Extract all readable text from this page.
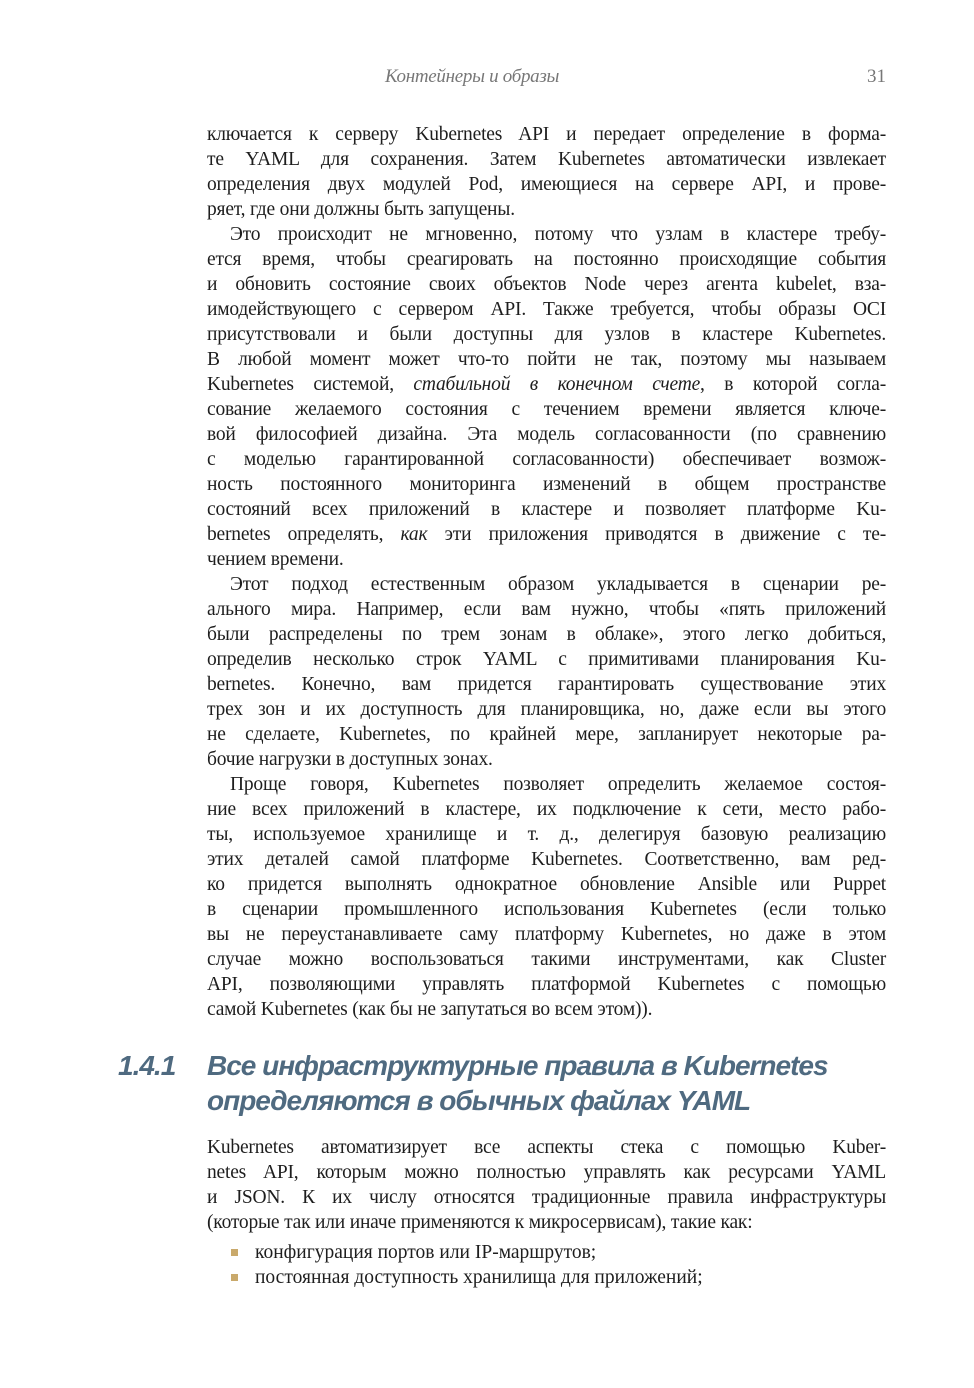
Контейнеры и образы	31
ключается к серверу Kubernetes API и передает определение в форма-
те YAML для сохранения. Затем Kubernetes автоматически извлекает
определения двух модулей Pod, имеющиеся на сервере API, и прове-
ряет, где они должны быть запущены.
Это происходит не мгновенно, потому что узлам в кластере требу-
ется время, чтобы среагировать на постоянно происходящие события
и обновить состояние своих объектов Node через агента kubelet, вза-
имодействующего с сервером API. Также требуется, чтобы образы OCI
присутствовали и были доступны для узлов в кластере Kubernetes.
В любой момент может что-то пойти не так, поэтому мы называем
Kubernetes системой, стабильной в конечном счете, в которой согла-
сование желаемого состояния с течением времени является ключе-
вой философией дизайна. Эта модель согласованности (по сравнению
с моделью гарантированной согласованности) обеспечивает возмож-
ность постоянного мониторинга изменений в общем пространстве
состояний всех приложений в кластере и позволяет платформе Ku-
bernetes определять, как эти приложения приводятся в движение с те-
чением времени.
Этот подход естественным образом укладывается в сценарии ре-
ального мира. Например, если вам нужно, чтобы «пять приложений
были распределены по трем зонам в облаке», этого легко добиться,
определив несколько строк YAML с примитивами планирования Ku-
bernetes. Конечно, вам придется гарантировать существование этих
трех зон и их доступность для планировщика, но, даже если вы этого
не сделаете, Kubernetes, по крайней мере, запланирует некоторые ра-
бочие нагрузки в доступных зонах.
Проще говоря, Kubernetes позволяет определить желаемое состоя-
ние всех приложений в кластере, их подключение к сети, место рабо-
ты, используемое хранилище и т. д., делегируя базовую реализацию
этих деталей самой платформе Kubernetes. Соответственно, вам ред-
ко придется выполнять однократное обновление Ansible или Puppet
в сценарии промышленного использования Kubernetes (если только
вы не переустанавливаете саму платформу Kubernetes, но даже в этом
случае можно воспользоваться такими инструментами, как Cluster
API, позволяющими управлять платформой Kubernetes с помощью
самой Kubernetes (как бы не запутаться во всем этом)).
1.4.1 Все инфраструктурные правила в Kubernetes
определяются в обычных файлах YAML
Kubernetes автоматизирует все аспекты стека с помощью Kuber-
netes API, которым можно полностью управлять как ресурсами YAML
и JSON. К их числу относятся традиционные правила инфраструктуры
(которые так или иначе применяются к микросервисам), такие как:
конфигурация портов или IP-маршрутов;
постоянная доступность хранилища для приложений;
